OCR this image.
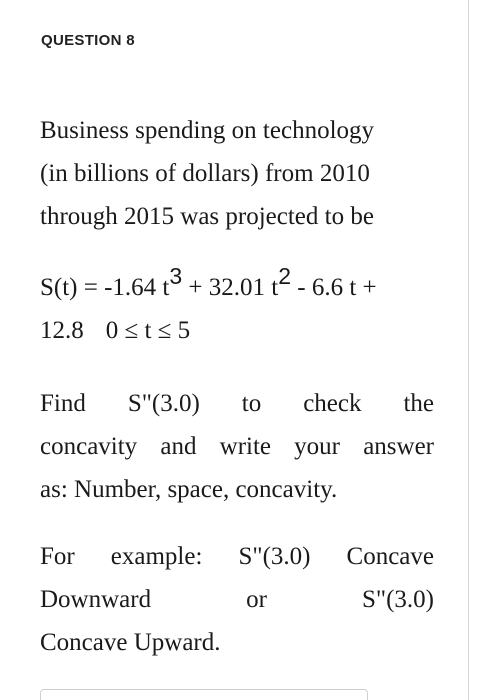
QUESTION 8
Business spending on technology
(in billions of dollars) from 2010
through 2015 was projected to be
S(t) = -1.64 $t^3 + 32.01$ $t^2 - 6.6$ t +
12.8 0 ≤ t ≤ 5
Find S"(3.0) to check the
concavity and write your answer
as: Number, space, concavity.
For example: S"(3.0) Concave
Downward or S"(3.0)
Concave Upward.
